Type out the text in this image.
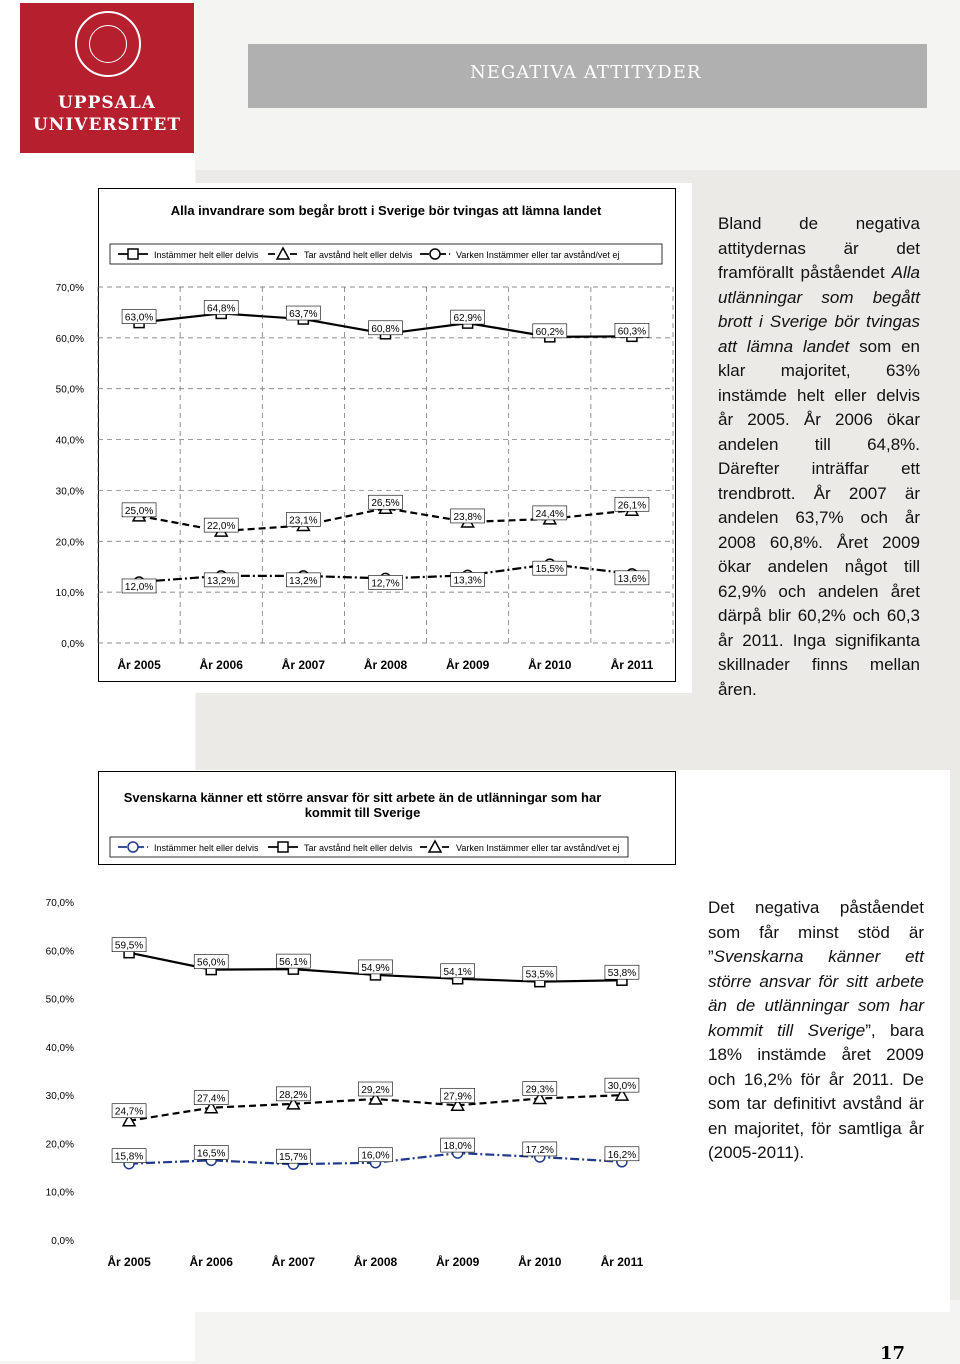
UPPSALA
UNIVERSITET
NEGATIVA ATTITYDER
Alla invandrare som begår brott i Sverige bör tvingas att lämna landet
0,0%
10,0%
20,0%
30,0%
40,0%
50,0%
60,0%
70,0%
År 2005	År 2006	År 2007	År 2008	År 2009	År 2010	År 2011
63,0%
64,8%
63,7%
60,8%
62,9%
60,2%	60,3%
Instämmer helt eller delvis
25,0%
22,0%
23,1%
26,5%
23,8%	24,4%
26,1%
Tar avstånd helt eller delvis
12,0%
13,2%	13,2%	12,7%	13,3%
15,5%
13,6%
Varken Instämmer eller tar avstånd/vet ej
Bland de negativa attitydernas är det framförallt påståendet Alla utlänningar som begått brott i Sverige bör tvingas att lämna landet som en klar majoritet, 63% instämde helt eller delvis år 2005. År 2006 ökar andelen till 64,8%. Därefter inträffar ett trendbrott. År 2007 är andelen 63,7% och år 2008 60,8%. Året 2009 ökar andelen något till 62,9% och andelen året därpå blir 60,2% och 60,3 år 2011. Inga signifikanta skillnader finns mellan åren.
Svenskarna känner ett större ansvar för sitt arbete än de utlänningar som har kommit till Sverige
0,0%
10,0%
20,0%
30,0%
40,0%
50,0%
60,0%
70,0%
År 2005	År 2006	År 2007	År 2008	År 2009	År 2010	År 2011
15,8%	16,5%	15,7%	16,0%
18,0%	17,2%	16,2%
Instämmer helt eller delvis
59,5%
56,0%	56,1%
54,9%	54,1%	53,5%	53,8%
Tar avstånd helt eller delvis
24,7%
27,4%	28,2%	29,2%
27,9%
29,3%	30,0%
Varken Instämmer eller tar avstånd/vet ej
Det negativa påståendet som får minst stöd är ”Svenskarna känner ett större ansvar för sitt arbete än de utlänningar som har kommit till Sverige”, bara 18% instämde året 2009 och 16,2% för år 2011. De som tar definitivt avstånd är en majoritet, för samtliga år (2005-2011).
17
